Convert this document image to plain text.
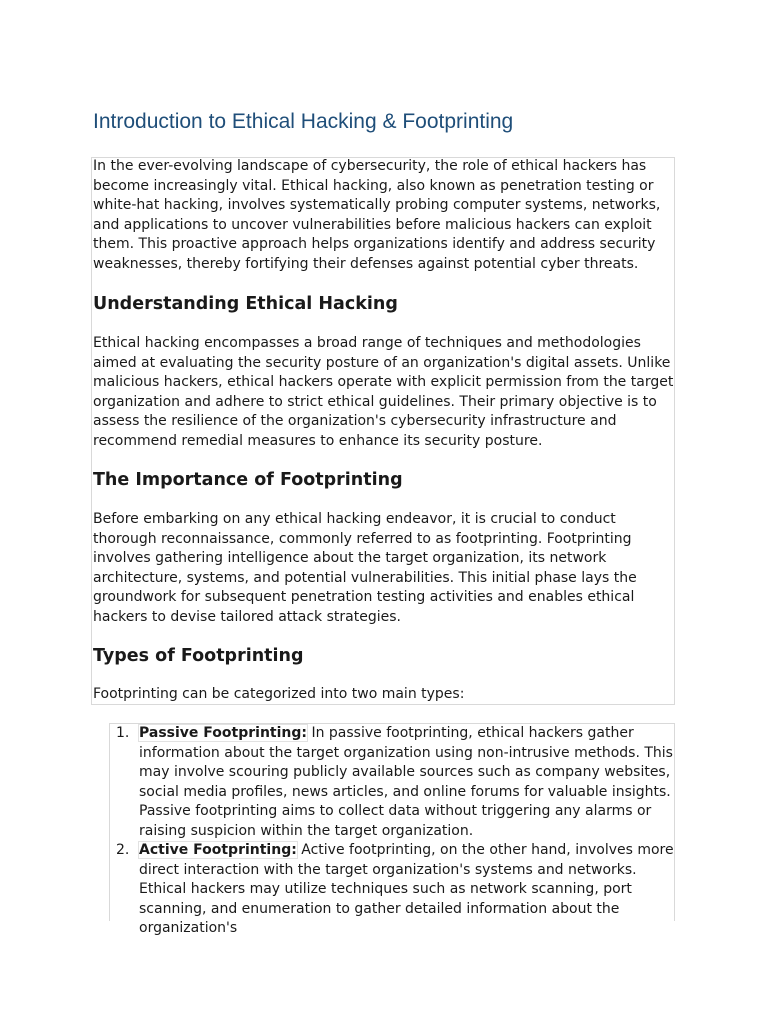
Introduction to Ethical Hacking & Footprinting

In the ever-evolving landscape of cybersecurity, the role of ethical hackers has become increasingly vital. Ethical hacking, also known as penetration testing or white-hat hacking, involves systematically probing computer systems, networks, and applications to uncover vulnerabilities before malicious hackers can exploit them. This proactive approach helps organizations identify and address security weaknesses, thereby fortifying their defenses against potential cyber threats.

Understanding Ethical Hacking

Ethical hacking encompasses a broad range of techniques and methodologies aimed at evaluating the security posture of an organization's digital assets. Unlike malicious hackers, ethical hackers operate with explicit permission from the target organization and adhere to strict ethical guidelines. Their primary objective is to assess the resilience of the organization's cybersecurity infrastructure and recommend remedial measures to enhance its security posture.

The Importance of Footprinting

Before embarking on any ethical hacking endeavor, it is crucial to conduct thorough reconnaissance, commonly referred to as footprinting. Footprinting involves gathering intelligence about the target organization, its network architecture, systems, and potential vulnerabilities. This initial phase lays the groundwork for subsequent penetration testing activities and enables ethical hackers to devise tailored attack strategies.

Types of Footprinting

Footprinting can be categorized into two main types:

1. Passive Footprinting: In passive footprinting, ethical hackers gather information about the target organization using non-intrusive methods. This may involve scouring publicly available sources such as company websites, social media profiles, news articles, and online forums for valuable insights. Passive footprinting aims to collect data without triggering any alarms or raising suspicion within the target organization.
2. Active Footprinting: Active footprinting, on the other hand, involves more direct interaction with the target organization's systems and networks. Ethical hackers may utilize techniques such as network scanning, port scanning, and enumeration to gather detailed information about the organization's
